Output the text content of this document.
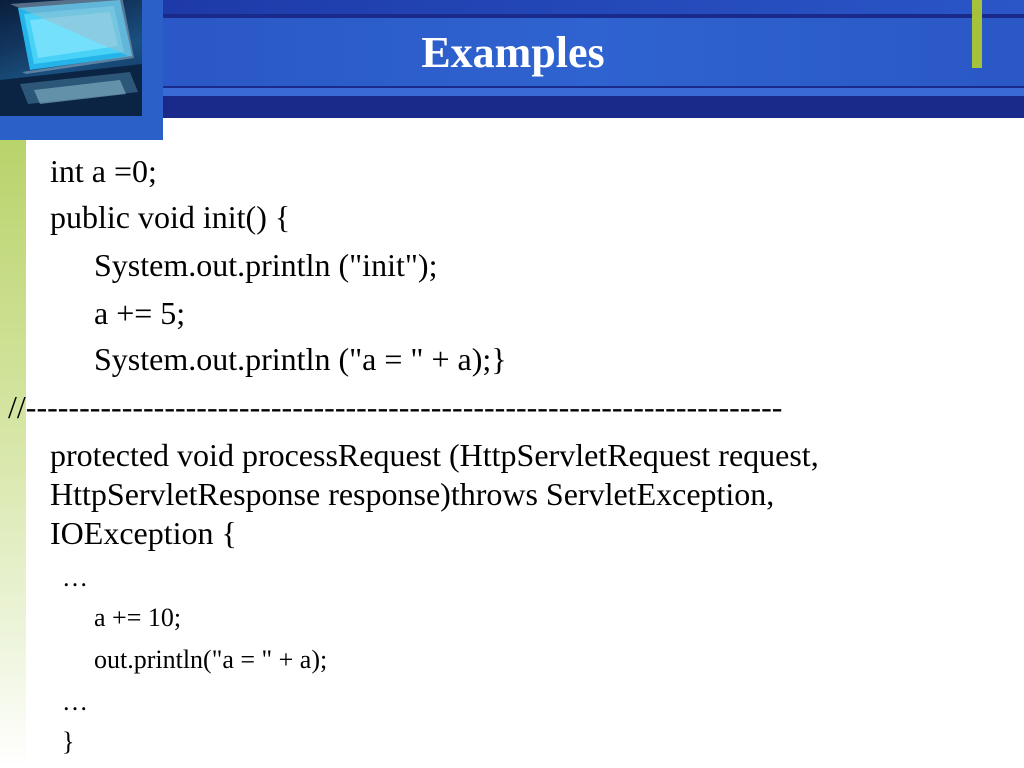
Examples
int a =0;
public void init() {
System.out.println ("init");
a += 5;
System.out.println ("a = " + a);}
//-----------------------------------------------------------------------
protected void processRequest (HttpServletRequest request,
HttpServletResponse response)throws ServletException,
IOException {
…
a += 10;
out.println("a = " + a);
…
}
